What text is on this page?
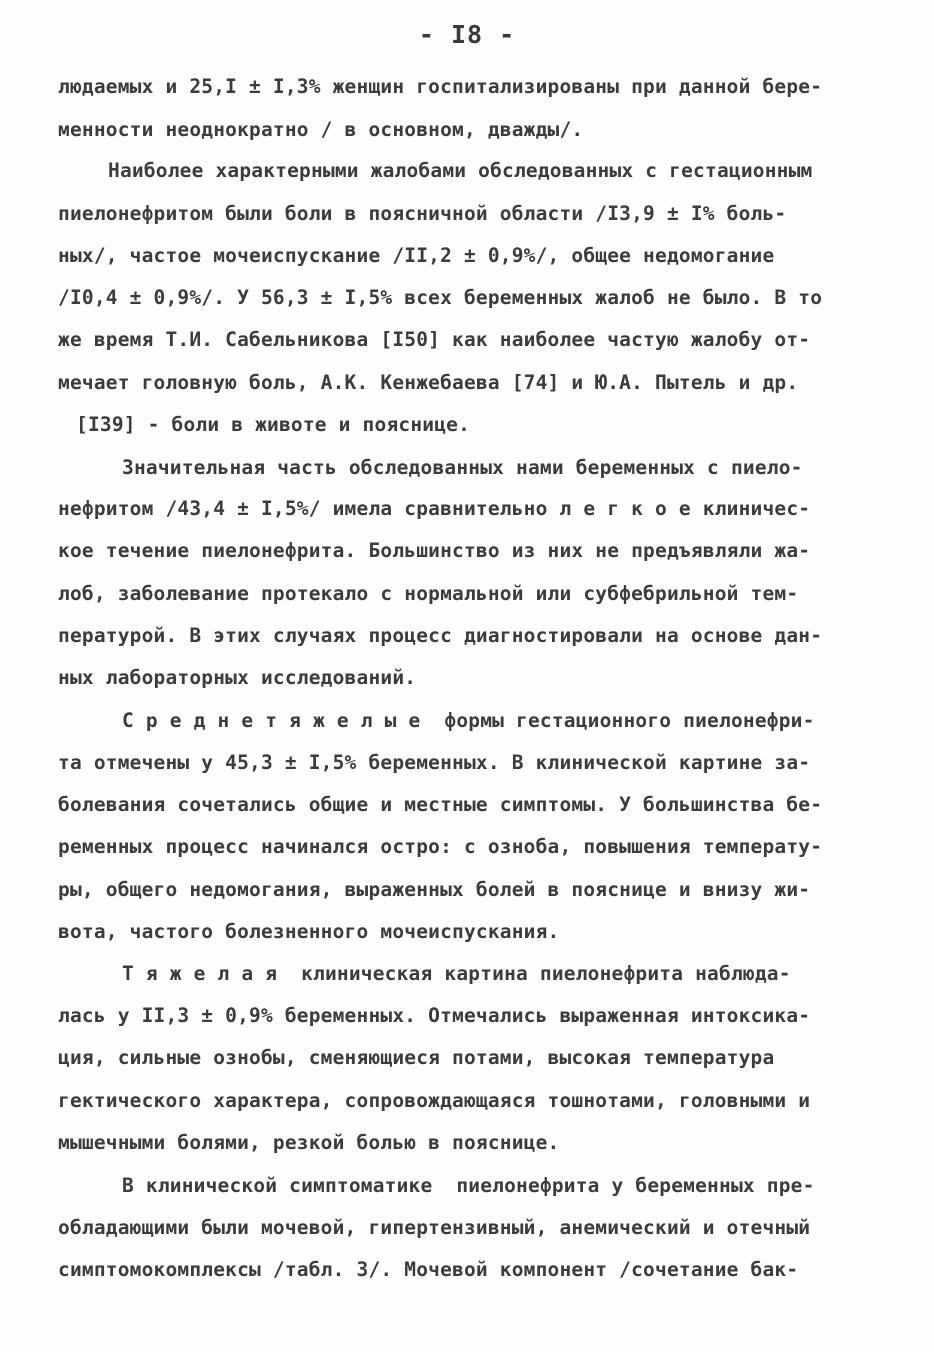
- I8 -
людаемых и 25,I ± I,3% женщин госпитализированы при данной бере-
менности неоднократно / в основном, дважды/.
Наиболее характерными жалобами обследованных с гестационным
пиелонефритом были боли в поясничной области /I3,9 ± I% боль-
ных/, частое мочеиспускание /II,2 ± 0,9%/, общее недомогание
/I0,4 ± 0,9%/. У 56,3 ± I,5% всех беременных жалоб не было. В то
же время Т.И. Сабельникова [I50] как наиболее частую жалобу от-
мечает головную боль, А.К. Кенжебаева [74] и Ю.А. Пытель и др.
[I39] - боли в животе и пояснице.
Значительная часть обследованных нами беременных с пиело-
нефритом /43,4 ± I,5%/ имела сравнительно л е г к о е клиничес-
кое течение пиелонефрита. Большинство из них не предъявляли жа-
лоб, заболевание протекало с нормальной или субфебрильной тем-
пературой. В этих случаях процесс диагностировали на основе дан-
ных лабораторных исследований.
С р е д н е т я ж е л ы е  формы гестационного пиелонефри-
та отмечены у 45,3 ± I,5% беременных. В клинической картине за-
болевания сочетались общие и местные симптомы. У большинства бе-
ременных процесс начинался остро: с озноба, повышения температу-
ры, общего недомогания, выраженных болей в пояснице и внизу жи-
вота, частого болезненного мочеиспускания.
Т я ж е л а я  клиническая картина пиелонефрита наблюда-
лась у II,3 ± 0,9% беременных. Отмечались выраженная интоксика-
ция, сильные ознобы, сменяющиеся потами, высокая температура
гектического характера, сопровождающаяся тошнотами, головными и
мышечными болями, резкой болью в пояснице.
В клинической симптоматике  пиелонефрита у беременных пре-
обладающими были мочевой, гипертензивный, анемический и отечный
симптомокомплексы /табл. 3/. Мочевой компонент /сочетание бак-
